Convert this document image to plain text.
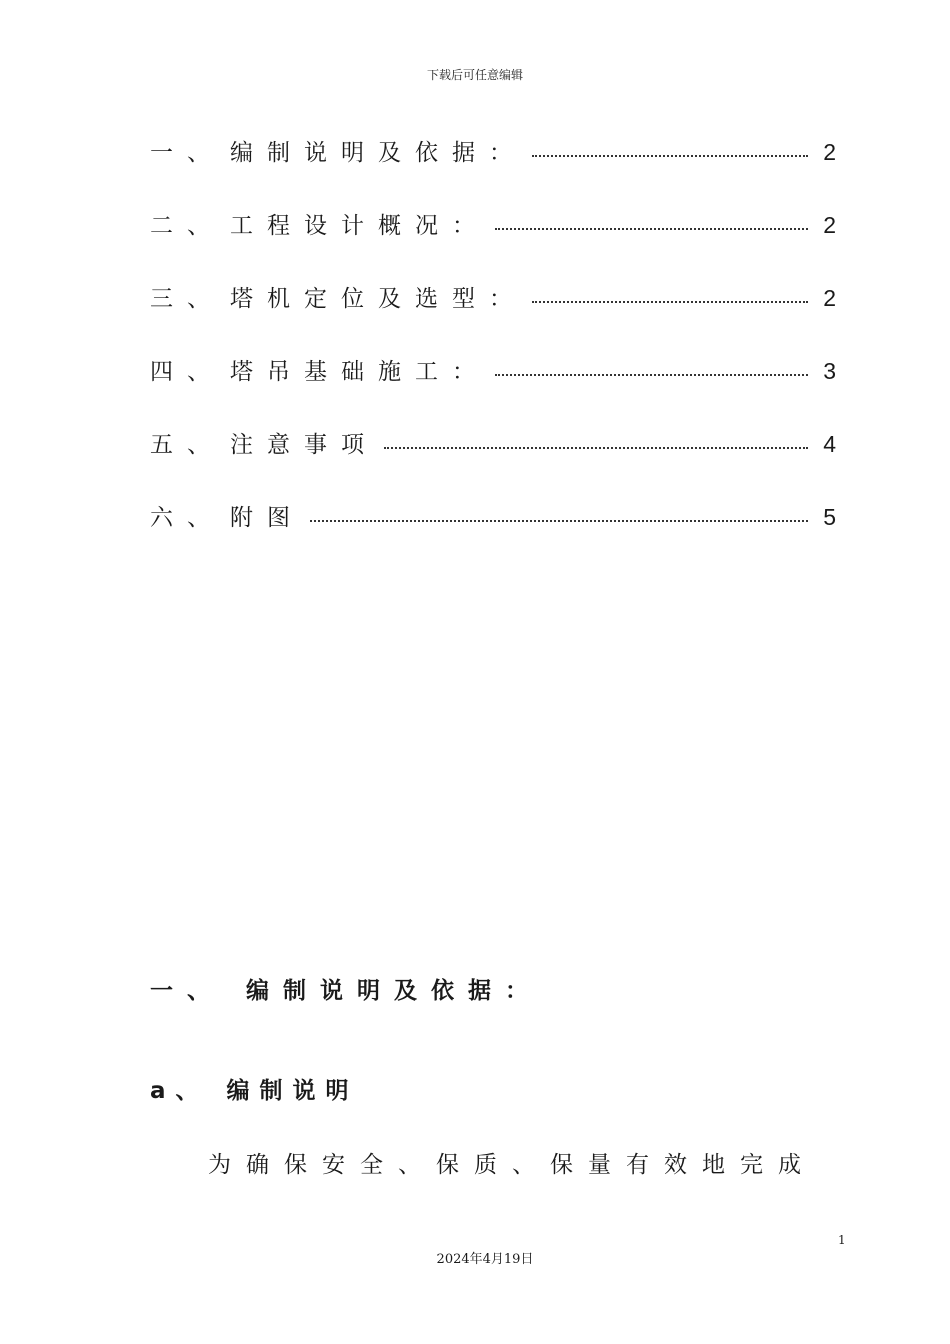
下载后可任意编辑
一、 编制说明及依据：	2
二、 工程设计概况：	2
三、 塔机定位及选型：	2
四、 塔吊基础施工：	3
五、 注意事项	4
六、 附图	5
一、 编制说明及依据：
a、 编制说明
为确保安全、保质、保量有效地完成
1
2024年4月19日
